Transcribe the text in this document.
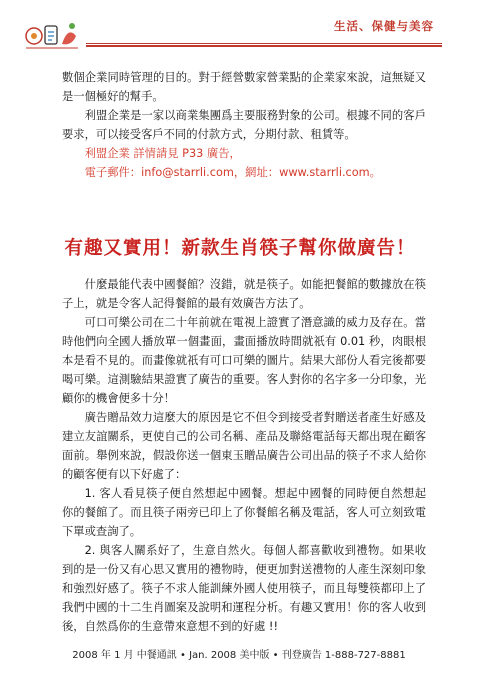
生活、保健与美容

數個企業同時管理的目的。對于經營數家營業點的企業家來說，這無疑又是一個極好的幫手。

利盟企業是一家以商業集團爲主要服務對象的公司。根據不同的客戶要求，可以接受客戶不同的付款方式，分期付款、租賃等。

利盟企業 詳情請見 P33 廣告，

電子郵件：info@starrli.com，網址：www.starrli.com。

有趣又實用！新款生肖筷子幫你做廣告！

什麼最能代表中國餐館？沒錯，就是筷子。如能把餐館的數據放在筷子上，就是令客人記得餐館的最有效廣告方法了。

可口可樂公司在二十年前就在電視上證實了潛意識的威力及存在。當時他們向全國人播放單一個畫面，畫面播放時間就祇有 0.01 秒，肉眼根本是看不見的。而畫像就祇有可口可樂的圖片。結果大部份人看完後都要喝可樂。這測驗結果證實了廣告的重要。客人對你的名字多一分印象，光顧你的機會便多十分！

廣告贈品效力這麼大的原因是它不但令到接受者對贈送者產生好感及建立友誼關系，更使自己的公司名稱、產品及聯絡電話每天都出現在顧客面前。舉例來說，假設你送一個東玉贈品廣告公司出品的筷子不求人給你的顧客便有以下好處了：

1. 客人看見筷子便自然想起中國餐。想起中國餐的同時便自然想起你的餐館了。而且筷子兩旁已印上了你餐館名稱及電話，客人可立刻致電下單或查詢了。

2. 與客人關系好了，生意自然火。每個人都喜歡收到禮物。如果收到的是一份又有心思又實用的禮物時，便更加對送禮物的人產生深刻印象和強烈好感了。筷子不求人能訓練外國人使用筷子，而且每雙筷都印上了我們中國的十二生肖圖案及說明和運程分析。有趣又實用！你的客人收到後，自然爲你的生意帶來意想不到的好處 !!

2008 年 1 月 中餐通訊 • Jan. 2008 美中版 • 刊登廣告 1-888-727-8881
